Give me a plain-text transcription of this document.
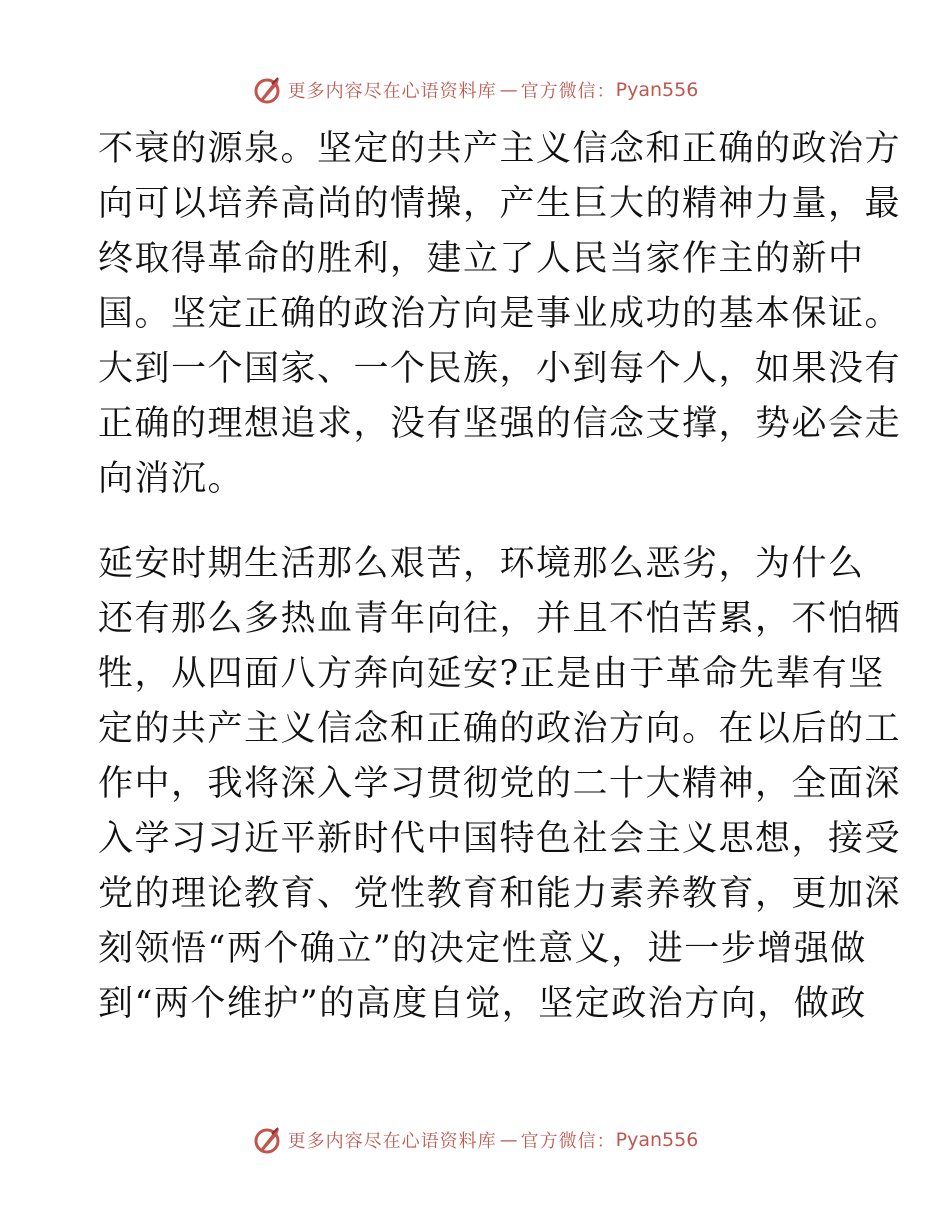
更多内容尽在心语资料库 — 官方微信： Pyan556
不衰的源泉。坚定的共产主义信念和正确的政治方
向可以培养高尚的情操，产生巨大的精神力量，最
终取得革命的胜利，建立了人民当家作主的新中
国。坚定正确的政治方向是事业成功的基本保证。
大到一个国家、一个民族，小到每个人，如果没有
正确的理想追求，没有坚强的信念支撑，势必会走
向消沉。
延安时期生活那么艰苦，环境那么恶劣，为什么
还有那么多热血青年向往，并且不怕苦累，不怕牺
牲，从四面八方奔向延安?正是由于革命先辈有坚
定的共产主义信念和正确的政治方向。在以后的工
作中，我将深入学习贯彻党的二十大精神，全面深
入学习习近平新时代中国特色社会主义思想，接受
党的理论教育、党性教育和能力素养教育，更加深
刻领悟“两个确立”的决定性意义，进一步增强做
到“两个维护”的高度自觉，坚定政治方向，做政
更多内容尽在心语资料库 — 官方微信： Pyan556
